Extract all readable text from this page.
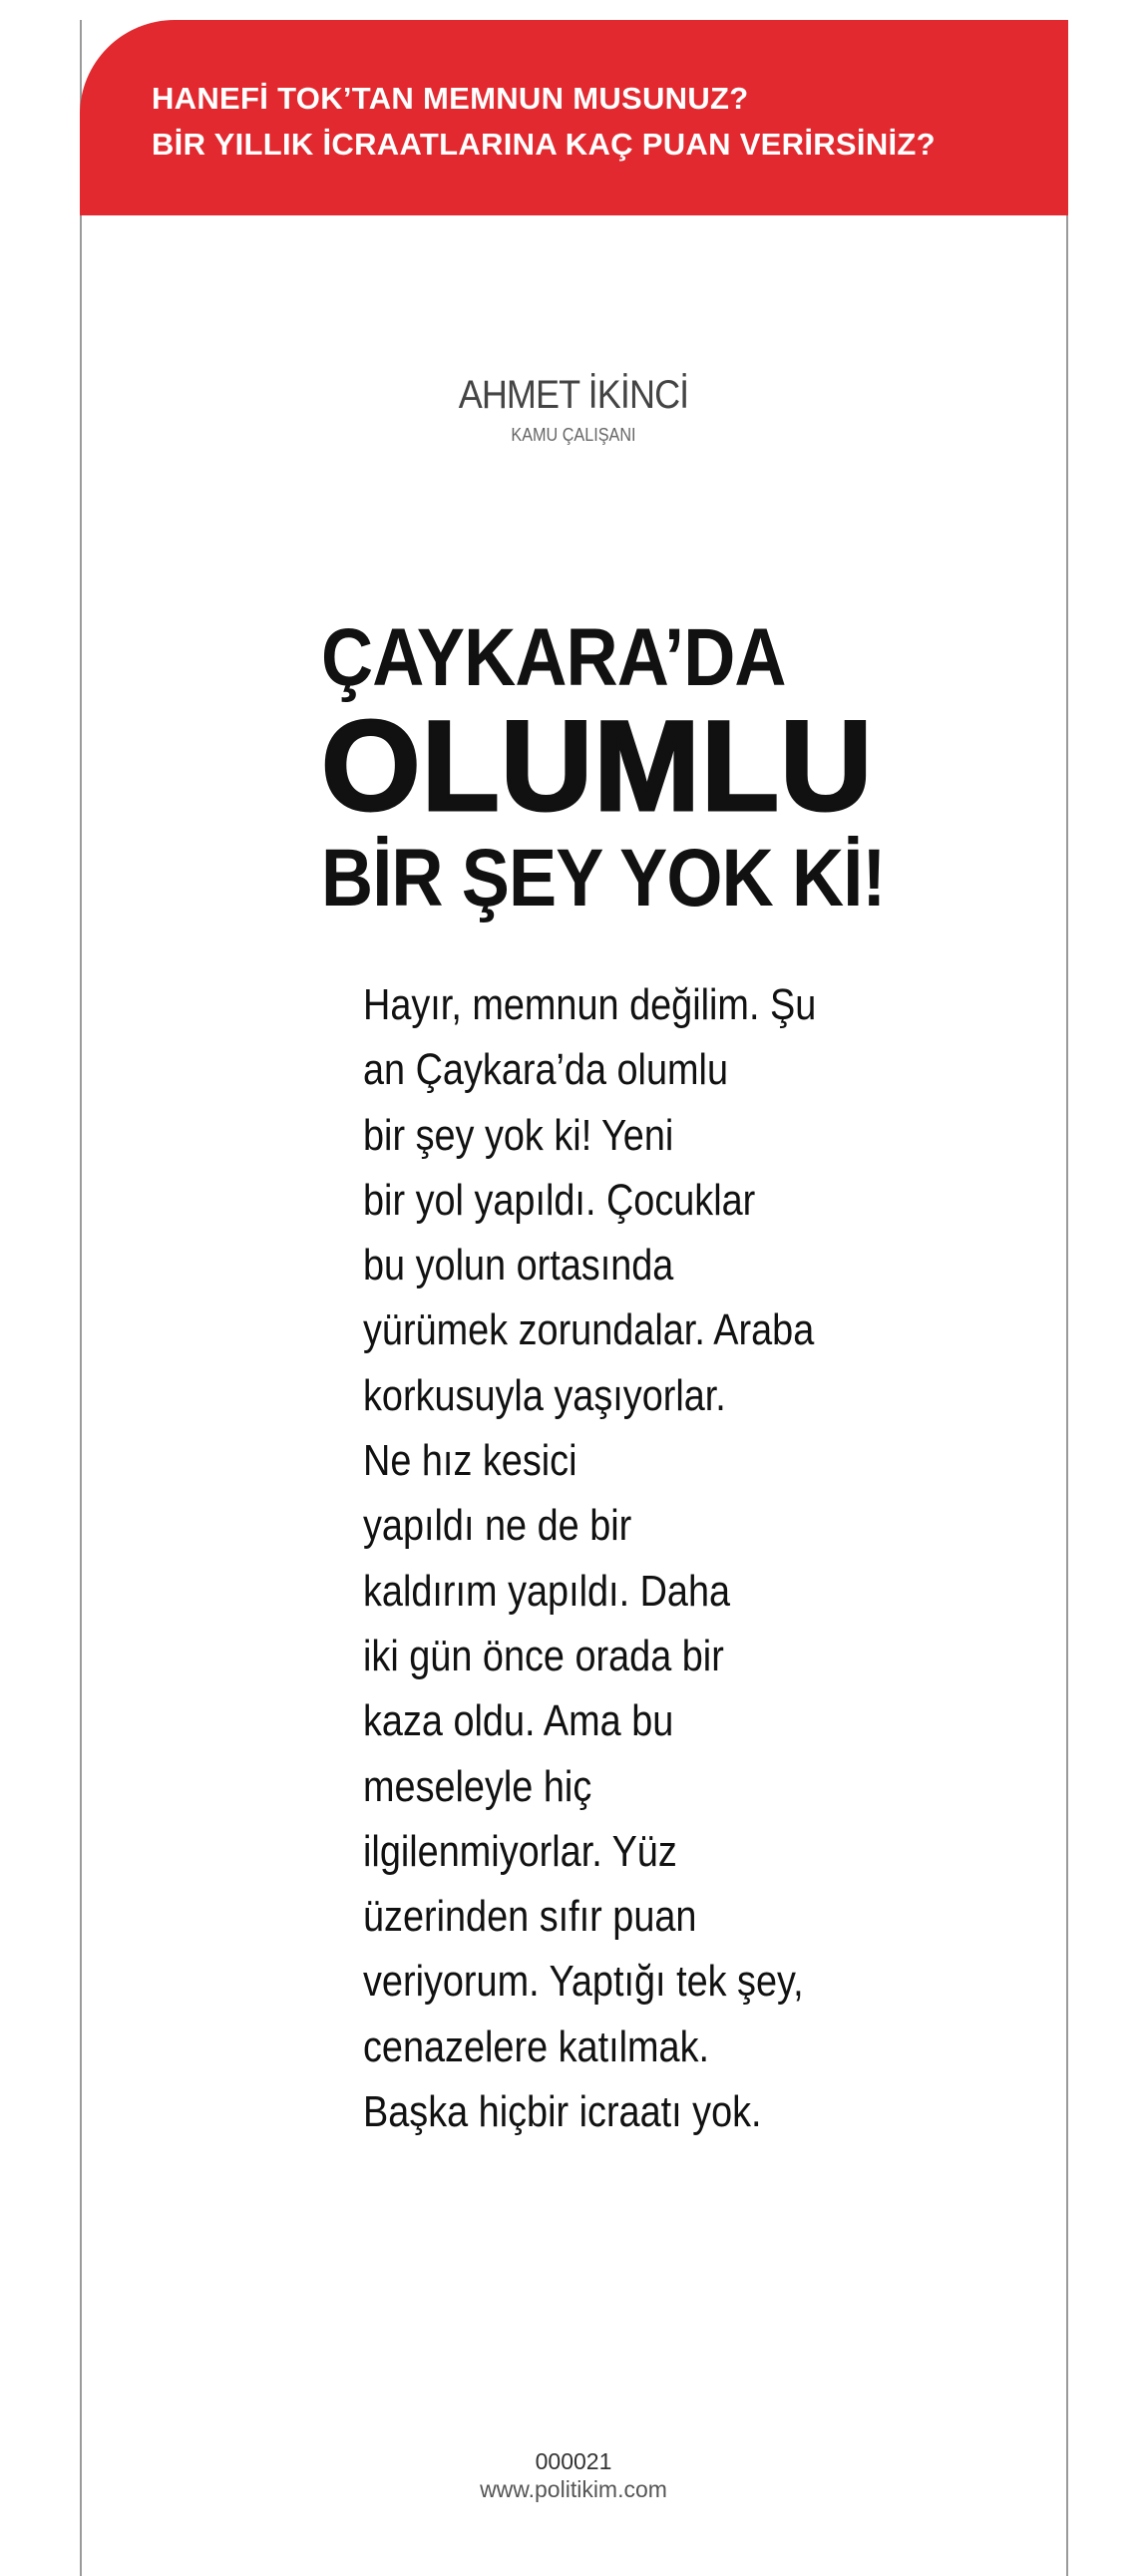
HANEFİ TOK’TAN MEMNUN MUSUNUZ?
BİR YILLIK İCRAATLARINA KAÇ PUAN VERİRSİNİZ?
AHMET İKİNCİ
KAMU ÇALIŞANI
ÇAYKARA’DA
OLUMLU
BİR ŞEY YOK Kİ!
Hayır, memnun değilim. Şu
an Çaykara’da olumlu
bir şey yok ki! Yeni
bir yol yapıldı. Çocuklar
bu yolun ortasında
yürümek zorundalar. Araba
korkusuyla yaşıyorlar.
Ne hız kesici
yapıldı ne de bir
kaldırım yapıldı. Daha
iki gün önce orada bir
kaza oldu. Ama bu
meseleyle hiç
ilgilenmiyorlar. Yüz
üzerinden sıfır puan
veriyorum. Yaptığı tek şey,
cenazelere katılmak.
Başka hiçbir icraatı yok.
000021
www.politikim.com
